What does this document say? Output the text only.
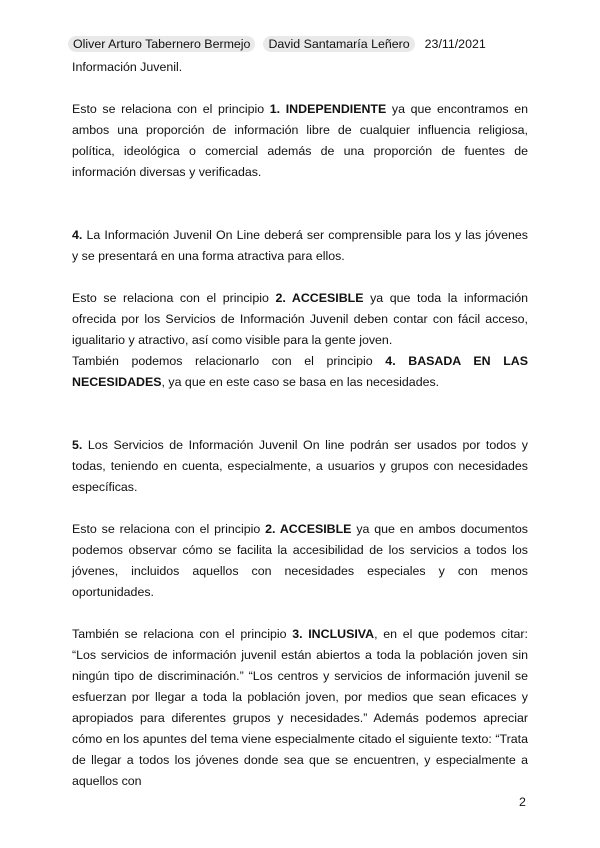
Oliver Arturo Tabernero Bermejo	David Santamaría Leñero	23/11/2021

Información Juvenil.

Esto se relaciona con el principio 1. INDEPENDIENTE ya que encontramos en ambos una proporción de información libre de cualquier influencia religiosa, política, ideológica o comercial además de una proporción de fuentes de información diversas y verificadas.

4. La Información Juvenil On Line deberá ser comprensible para los y las jóvenes y se presentará en una forma atractiva para ellos.

Esto se relaciona con el principio 2. ACCESIBLE ya que toda la información ofrecida por los Servicios de Información Juvenil deben contar con fácil acceso, igualitario y atractivo, así como visible para la gente joven.

También podemos relacionarlo con el principio 4. BASADA EN LAS NECESIDADES, ya que en este caso se basa en las necesidades.

5. Los Servicios de Información Juvenil On line podrán ser usados por todos y todas, teniendo en cuenta, especialmente, a usuarios y grupos con necesidades específicas.

Esto se relaciona con el principio 2. ACCESIBLE ya que en ambos documentos podemos observar cómo se facilita la accesibilidad de los servicios a todos los jóvenes, incluidos aquellos con necesidades especiales y con menos oportunidades.

También se relaciona con el principio 3. INCLUSIVA, en el que podemos citar: “Los servicios de información juvenil están abiertos a toda la población joven sin ningún tipo de discriminación.” “Los centros y servicios de información juvenil se esfuerzan por llegar a toda la población joven, por medios que sean eficaces y apropiados para diferentes grupos y necesidades.” Además podemos apreciar cómo en los apuntes del tema viene especialmente citado el siguiente texto: “Trata de llegar a todos los jóvenes donde sea que se encuentren, y especialmente a aquellos con

2
